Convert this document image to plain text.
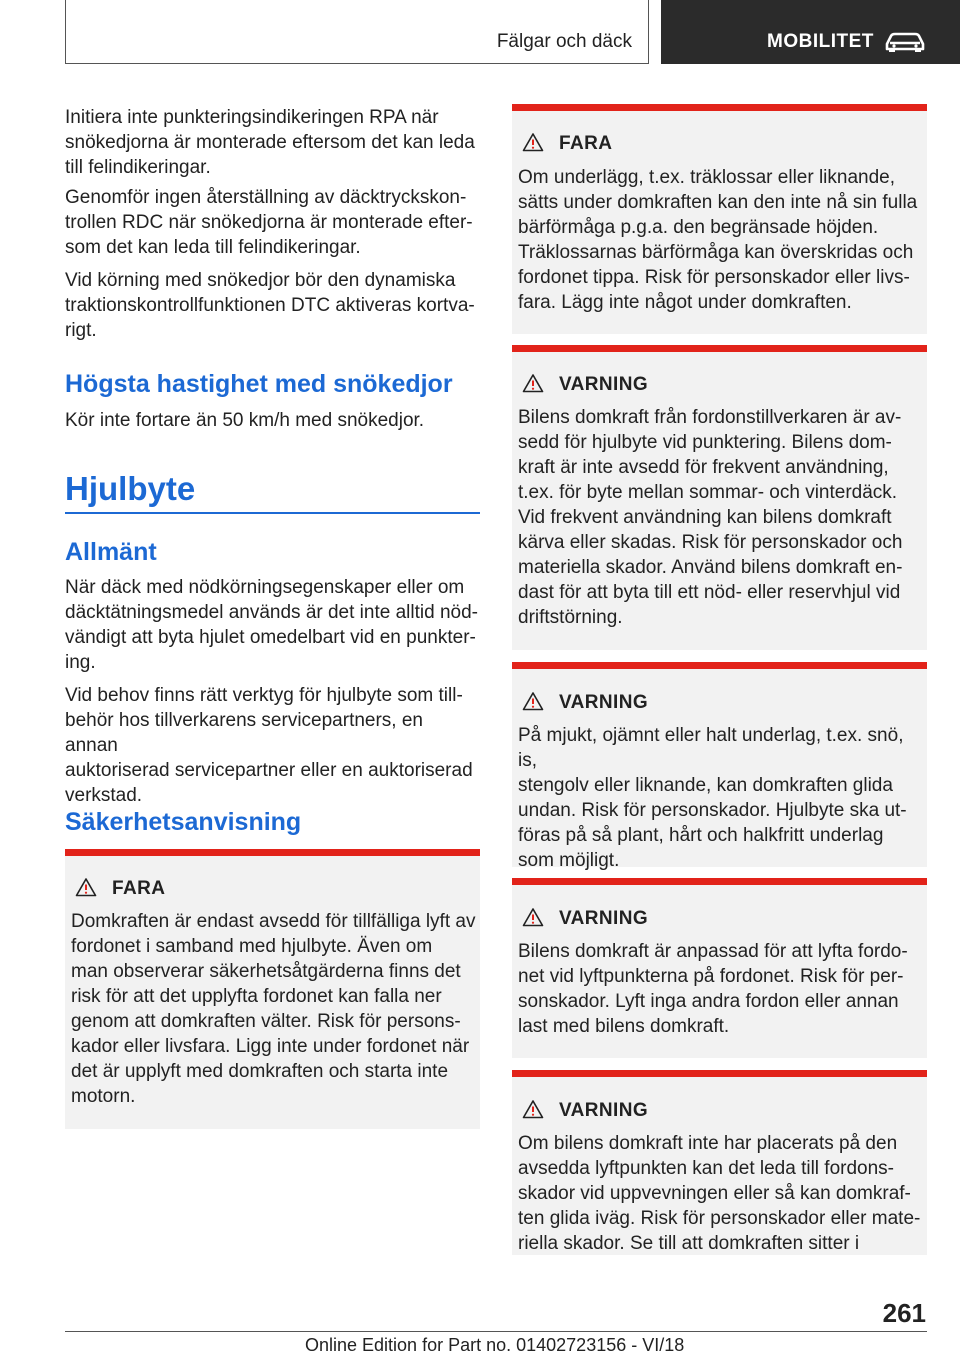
Fälgar och däck	MOBILITET
Initiera inte punkteringsindikeringen RPA när
snökedjorna är monterade eftersom det kan leda
till felindikeringar.
Genomför ingen återställning av däcktryckskon-
trollen RDC när snökedjorna är monterade efter-
som det kan leda till felindikeringar.
Vid körning med snökedjor bör den dynamiska
traktionskontrollfunktionen DTC aktiveras kortva-
rigt.
Högsta hastighet med snökedjor
Kör inte fortare än 50 km/h med snökedjor.
Hjulbyte
Allmänt
När däck med nödkörningsegenskaper eller om
däcktätningsmedel används är det inte alltid nöd-
vändigt att byta hjulet omedelbart vid en punkter-
ing.
Vid behov finns rätt verktyg för hjulbyte som till-
behör hos tillverkarens servicepartners, en annan
auktoriserad servicepartner eller en auktoriserad
verkstad.
Säkerhetsanvisning
FARA
Domkraften är endast avsedd för tillfälliga lyft av
fordonet i samband med hjulbyte. Även om
man observerar säkerhetsåtgärderna finns det
risk för att det upplyfta fordonet kan falla ner
genom att domkraften välter. Risk för persons-
kador eller livsfara. Ligg inte under fordonet när
det är upplyft med domkraften och starta inte
motorn.
FARA
Om underlägg, t.ex. träklossar eller liknande,
sätts under domkraften kan den inte nå sin fulla
bärförmåga p.g.a. den begränsade höjden.
Träklossarnas bärförmåga kan överskridas och
fordonet tippa. Risk för personskador eller livs-
fara. Lägg inte något under domkraften.
VARNING
Bilens domkraft från fordonstillverkaren är av-
sedd för hjulbyte vid punktering. Bilens dom-
kraft är inte avsedd för frekvent användning,
t.ex. för byte mellan sommar- och vinterdäck.
Vid frekvent användning kan bilens domkraft
kärva eller skadas. Risk för personskador och
materiella skador. Använd bilens domkraft en-
dast för att byta till ett nöd- eller reservhjul vid
driftstörning.
VARNING
På mjukt, ojämnt eller halt underlag, t.ex. snö, is,
stengolv eller liknande, kan domkraften glida
undan. Risk för personskador. Hjulbyte ska ut-
föras på så plant, hårt och halkfritt underlag
som möjligt.
VARNING
Bilens domkraft är anpassad för att lyfta fordo-
net vid lyftpunkterna på fordonet. Risk för per-
sonskador. Lyft inga andra fordon eller annan
last med bilens domkraft.
VARNING
Om bilens domkraft inte har placerats på den
avsedda lyftpunkten kan det leda till fordons-
skador vid uppvevningen eller så kan domkraf-
ten glida iväg. Risk för personskador eller mate-
riella skador. Se till att domkraften sitter i
261
Online Edition for Part no. 01402723156 - VI/18
